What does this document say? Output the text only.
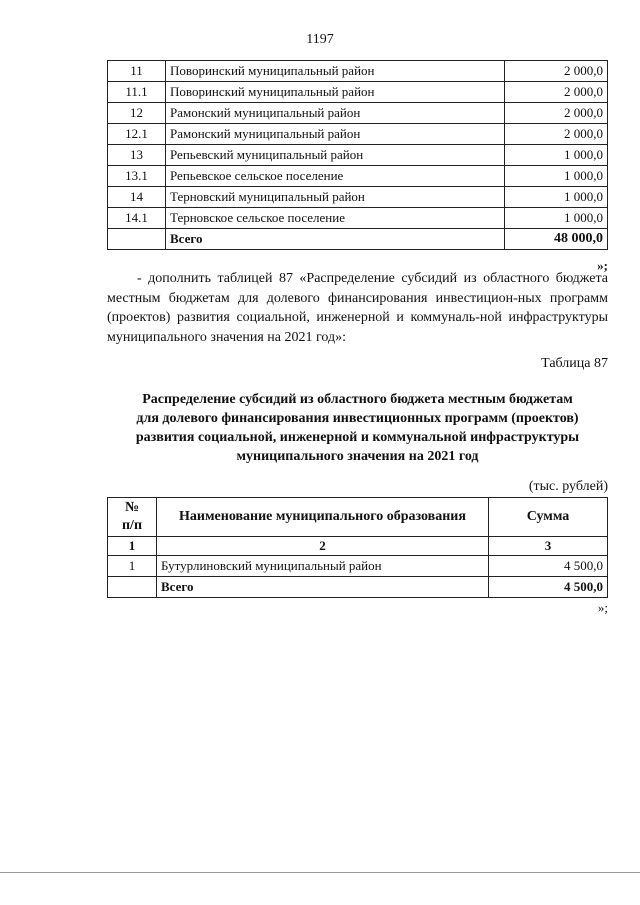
1197
11	Поворинский муниципальный район	2 000,0
11.1	Поворинский муниципальный район	2 000,0
12	Рамонский муниципальный район	2 000,0
12.1	Рамонский муниципальный район	2 000,0
13	Репьевский муниципальный район	1 000,0
13.1	Репьевское сельское поселение	1 000,0
14	Терновский муниципальный район	1 000,0
14.1	Терновское сельское поселение	1 000,0
	Всего	48 000,0
»;

- дополнить таблицей 87 «Распределение субсидий из областного бюджета местным бюджетам для долевого финансирования инвестицион-ных программ (проектов) развития социальной, инженерной и коммуналь-ной инфраструктуры муниципального значения на 2021 год»:

Таблица 87
Распределение субсидий из областного бюджета местным бюджетам
для долевого финансирования инвестиционных программ (проектов)
развития социальной, инженерной и коммунальной инфраструктуры
муниципального значения на 2021 год
(тыс. рублей)
№
п/п	Наименование муниципального образования	Сумма
1	2	3
1	Бутурлиновский муниципальный район	4 500,0
	Всего	4 500,0
»;
